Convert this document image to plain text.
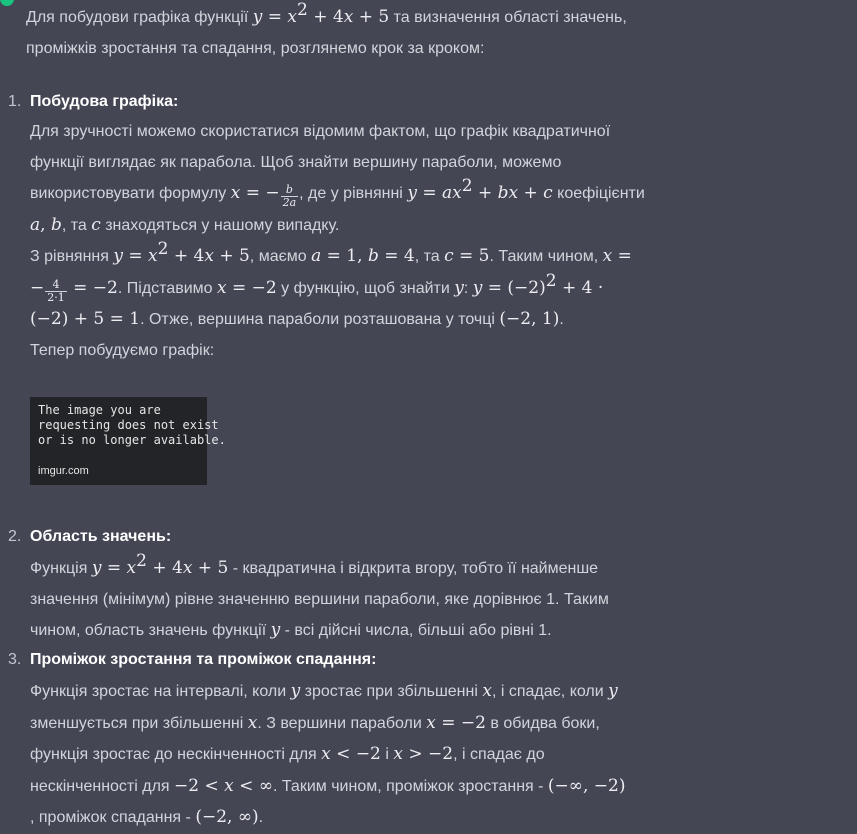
Для побудови графіка функції $y = x^2 + 4x + 5$ та визначення області значень,
проміжків зростання та спадання, розглянемо крок за кроком:

1. Побудова графіка:

Для зручності можемо скористатися відомим фактом, що графік квадратичної
функції виглядає як парабола. Щоб знайти вершину параболи, можемо
використовувати формулу x = − $\frac{b}{2a}$ , де у рівнянні $y = ax^2$ + bx + c коефіцієнти
a, b, та c знаходяться у нашому випадку.
З рівняння $y = x^2 + 4x + 5$, маємо a = 1, b = 4, та c = 5. Таким чином, x =
− $\frac{4}{2\cdot 1} = -2$. Підставимо x = −2 у функцію, щоб знайти y: $y = (-2)^2 + 4$ ·
(−2) + 5 = 1. Отже, вершина параболи розташована у точці (−2, 1).
Тепер побудуємо графік:

The image you are
requesting does not exist
or is no longer available.
imgur.com
2. Область значень:

Функція $y = x^2 + 4x + 5$ - квадратична і відкрита вгору, тобто її найменше
значення (мінімум) рівне значенню вершини параболи, яке дорівнює 1. Таким
чином, область значень функції y - всі дійсні числа, більші або рівні 1.

3. Проміжок зростання та проміжок спадання:

Функція зростає на інтервалі, коли y зростає при збільшенні x, і спадає, коли y
зменшується при збільшенні x. З вершини параболи x = −2 в обидва боки,
функція зростає до нескінченності для x < −2 і x > −2, і спадає до
нескінченності для −2 < x < ∞. Таким чином, проміжок зростання - (−∞, −2)
, проміжок спадання - (−2, ∞).
